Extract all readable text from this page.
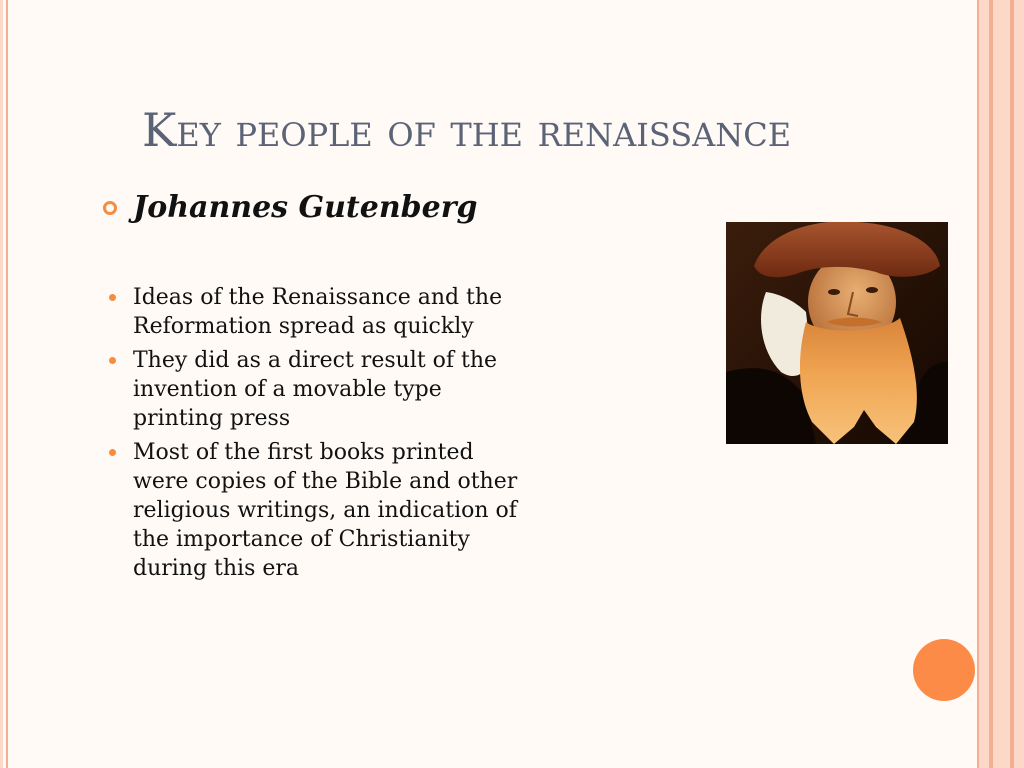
Key people of the renaissance
Johannes Gutenberg
Ideas of the Renaissance and the Reformation spread as quickly
They did as a direct result of the invention of a movable type printing press
Most of the first books printed were copies of the Bible and other religious writings, an indication of the importance of Christianity during this era
